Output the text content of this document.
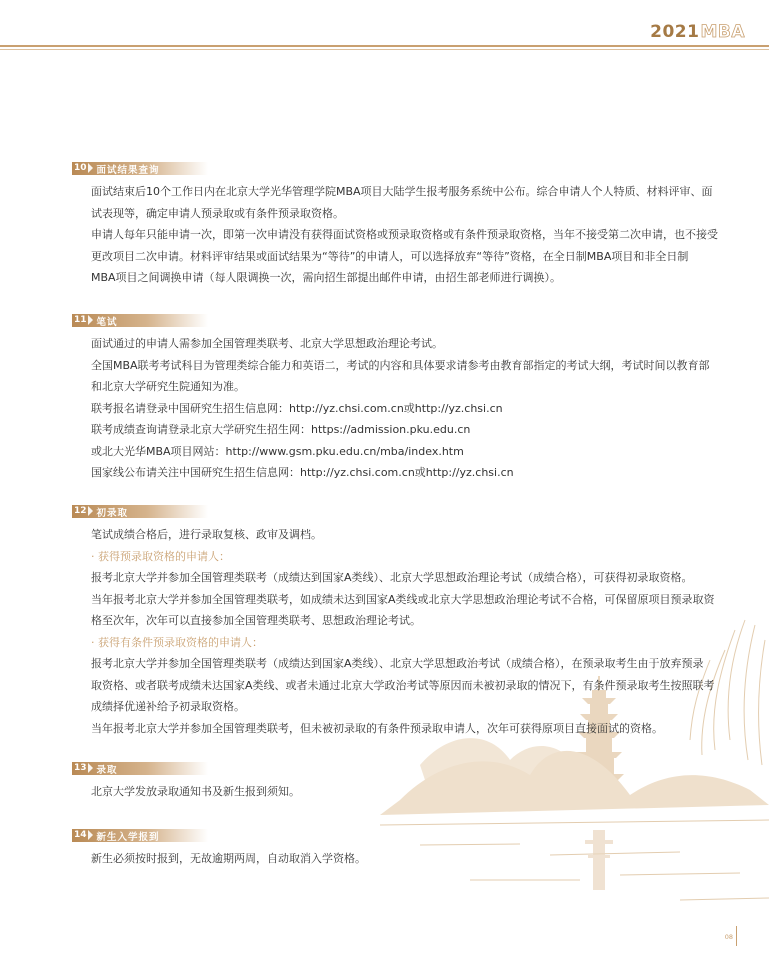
2021MBA
10	面试结果查询

面试结束后10个工作日内在北京大学光华管理学院MBA项目大陆学生报考服务系统中公布。综合申请人个人特质、材料评审、面

试表现等，确定申请人预录取或有条件预录取资格。

申请人每年只能申请一次，即第一次申请没有获得面试资格或预录取资格或有条件预录取资格，当年不接受第二次申请，也不接受

更改项目二次申请。材料评审结果或面试结果为“等待”的申请人，可以选择放弃“等待”资格，在全日制MBA项目和非全日制

MBA项目之间调换申请（每人限调换一次，需向招生部提出邮件申请，由招生部老师进行调换）。

11	笔试

面试通过的申请人需参加全国管理类联考、北京大学思想政治理论考试。

全国MBA联考考试科目为管理类综合能力和英语二，考试的内容和具体要求请参考由教育部指定的考试大纲，考试时间以教育部

和北京大学研究生院通知为准。

联考报名请登录中国研究生招生信息网：http://yz.chsi.com.cn或http://yz.chsi.cn

联考成绩查询请登录北京大学研究生招生网：https://admission.pku.edu.cn

或北大光华MBA项目网站：http://www.gsm.pku.edu.cn/mba/index.htm

国家线公布请关注中国研究生招生信息网：http://yz.chsi.com.cn或http://yz.chsi.cn

12	初录取

笔试成绩合格后，进行录取复核、政审及调档。

· 获得预录取资格的申请人：

报考北京大学并参加全国管理类联考（成绩达到国家A类线）、北京大学思想政治理论考试（成绩合格），可获得初录取资格。

当年报考北京大学并参加全国管理类联考，如成绩未达到国家A类线或北京大学思想政治理论考试不合格，可保留原项目预录取资

格至次年，次年可以直接参加全国管理类联考、思想政治理论考试。

· 获得有条件预录取资格的申请人：

报考北京大学并参加全国管理类联考（成绩达到国家A类线）、北京大学思想政治考试（成绩合格），在预录取考生由于放弃预录

取资格、或者联考成绩未达国家A类线、或者未通过北京大学政治考试等原因而未被初录取的情况下，有条件预录取考生按照联考

成绩择优递补给予初录取资格。

当年报考北京大学并参加全国管理类联考，但未被初录取的有条件预录取申请人，次年可获得原项目直接面试的资格。

13	录取

北京大学发放录取通知书及新生报到须知。

14	新生入学报到

新生必须按时报到，无故逾期两周，自动取消入学资格。

08
